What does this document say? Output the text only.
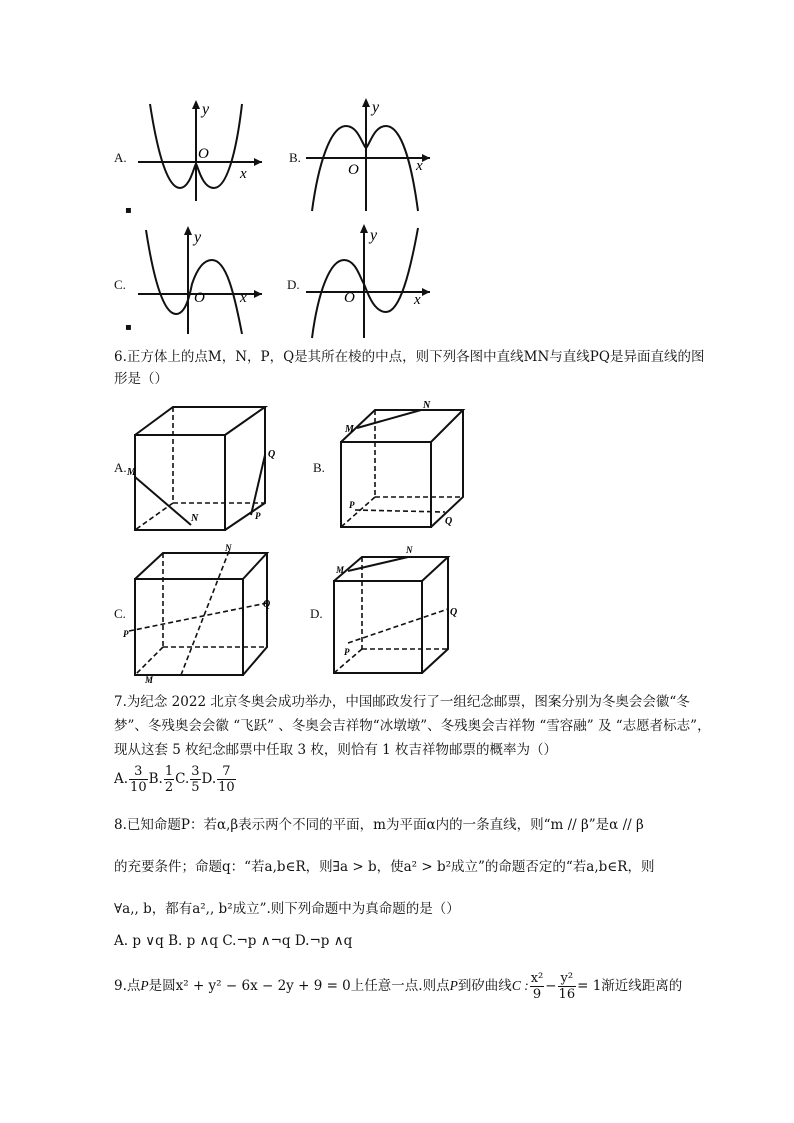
A.
y
O
x
▪
B.
y
O	x
C.
y
O x
▪
D.
y
O	x
6.正方体上的点M，N，P，Q是其所在棱的中点，则下列各图中直线MN与直线PQ是异面直线的图形是（）
A. M
N
Q
P
B.
M
N
P
Q
C.
N
Q
P
M
D.
M
N
Q
P
7.为纪念 2022 北京冬奥会成功举办，中国邮政发行了一组纪念邮票，图案分别为冬奥会会徽“冬梦”、冬残奥会会徽 “飞跃” 、冬奥会吉祥物“冰墩墩”、冬残奥会吉祥物 “雪容融” 及 “志愿者标志”，现从这套 5 枚纪念邮票中任取 3 枚，则恰有 1 枚吉祥物邮票的概率为（）
A. $\frac{3}{10} B$. $\frac{1}{2} C$. $\frac{3}{5} D$. $\frac{7}{10}$
8.已知命题P：若α,β表示两个不同的平面，m为平面α内的一条直线，则“m // β”是α // β
的充要条件；命题q：“若a,b∈R，则∃a > b，使a² > b²成立”的命题否定的“若a,b∈R，则
∀a,, b，都有a²,, b²成立”.则下列命题中为真命题的是（）
A. p ∨q B. p ∧q C.¬p ∧¬q D.¬p ∧q
9.点P是圆x² + y² − 6x − 2y + 9 = 0上任意一点.则点P到矽曲线C : $\frac{\text{x²}}{9} - \frac{\text{y²}}{16} = 1$渐近线距离的
